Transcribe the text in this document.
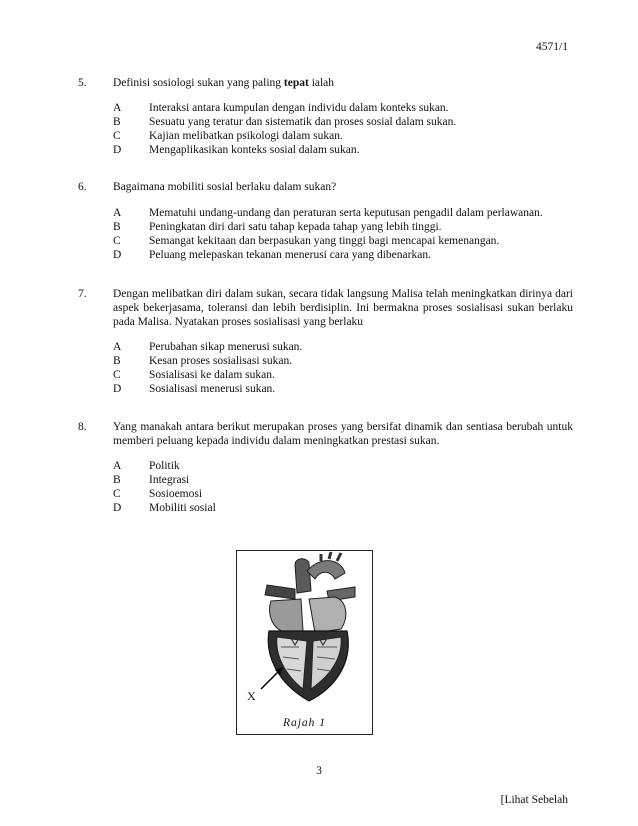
4571/1
5. Definisi sosiologi sukan yang paling tepat ialah
A Interaksi antara kumpulan dengan individu dalam konteks sukan.
B Sesuatu yang teratur dan sistematik dan proses sosial dalam sukan.
C Kajian melibatkan psikologi dalam sukan.
D Mengaplikasikan konteks sosial dalam sukan.
6. Bagaimana mobiliti sosial berlaku dalam sukan?
A Mematuhi undang-undang dan peraturan serta keputusan pengadil dalam perlawanan.
B Peningkatan diri dari satu tahap kepada tahap yang lebih tinggi.
C Semangat kekitaan dan berpasukan yang tinggi bagi mencapai kemenangan.
D Peluang melepaskan tekanan menerusi cara yang dibenarkan.
7. Dengan melibatkan diri dalam sukan, secara tidak langsung Malisa telah meningkatkan dirinya dari aspek bekerjasama, toleransi dan lebih berdisiplin. Ini bermakna proses sosialisasi sukan berlaku pada Malisa. Nyatakan proses sosialisasi yang berlaku
A Perubahan sikap menerusi sukan.
B Kesan proses sosialisasi sukan.
C Sosialisasi ke dalam sukan.
D Sosialisasi menerusi sukan.
8. Yang manakah antara berikut merupakan proses yang bersifat dinamik dan sentiasa berubah untuk memberi peluang kepada individu dalam meningkatkan prestasi sukan.
A Politik
B Integrasi
C Sosioemosi
D Mobiliti sosial
X
Rajah 1
3
[Lihat Sebelah
